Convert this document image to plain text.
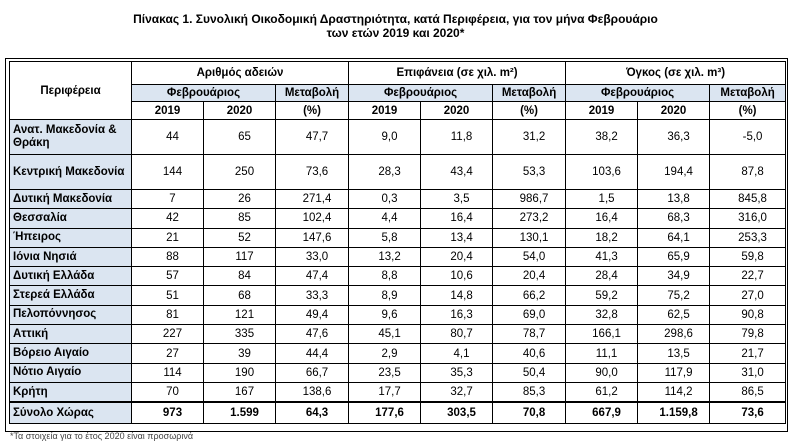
Πίνακας 1. Συνολική Οικοδομική Δραστηριότητα, κατά Περιφέρεια, για τον μήνα Φεβρουάριο
των ετών 2019 και 2020*
Περιφέρεια	Αριθμός αδειών			Επιφάνεια (σε χιλ. m²)			Όγκος (σε χιλ. m³)		
	Φεβρουάριος		Μεταβολή	Φεβρουάριος		Μεταβολή	Φεβρουάριος		Μεταβολή
	2019	2020	(%)	2019	2020	(%)	2019	2020	(%)
Ανατ. Μακεδονία & Θράκη	44	65	47,7	9,0	11,8	31,2	38,2	36,3	-5,0
Κεντρική Μακεδονία	144	250	73,6	28,3	43,4	53,3	103,6	194,4	87,8
Δυτική Μακεδονία	7	26	271,4	0,3	3,5	986,7	1,5	13,8	845,8
Θεσσαλία	42	85	102,4	4,4	16,4	273,2	16,4	68,3	316,0
Ήπειρος	21	52	147,6	5,8	13,4	130,1	18,2	64,1	253,3
Ιόνια Νησιά	88	117	33,0	13,2	20,4	54,0	41,3	65,9	59,8
Δυτική Ελλάδα	57	84	47,4	8,8	10,6	20,4	28,4	34,9	22,7
Στερεά Ελλάδα	51	68	33,3	8,9	14,8	66,2	59,2	75,2	27,0
Πελοπόννησος	81	121	49,4	9,6	16,3	69,0	32,8	62,5	90,8
Αττική	227	335	47,6	45,1	80,7	78,7	166,1	298,6	79,8
Βόρειο Αιγαίο	27	39	44,4	2,9	4,1	40,6	11,1	13,5	21,7
Νότιο Αιγαίο	114	190	66,7	23,5	35,3	50,4	90,0	117,9	31,0
Κρήτη	70	167	138,6	17,7	32,7	85,3	61,2	114,2	86,5
Σύνολο Χώρας	973	1.599	64,3	177,6	303,5	70,8	667,9	1.159,8	73,6
*Τα στοιχεία για το έτος 2020 είναι προσωρινά
